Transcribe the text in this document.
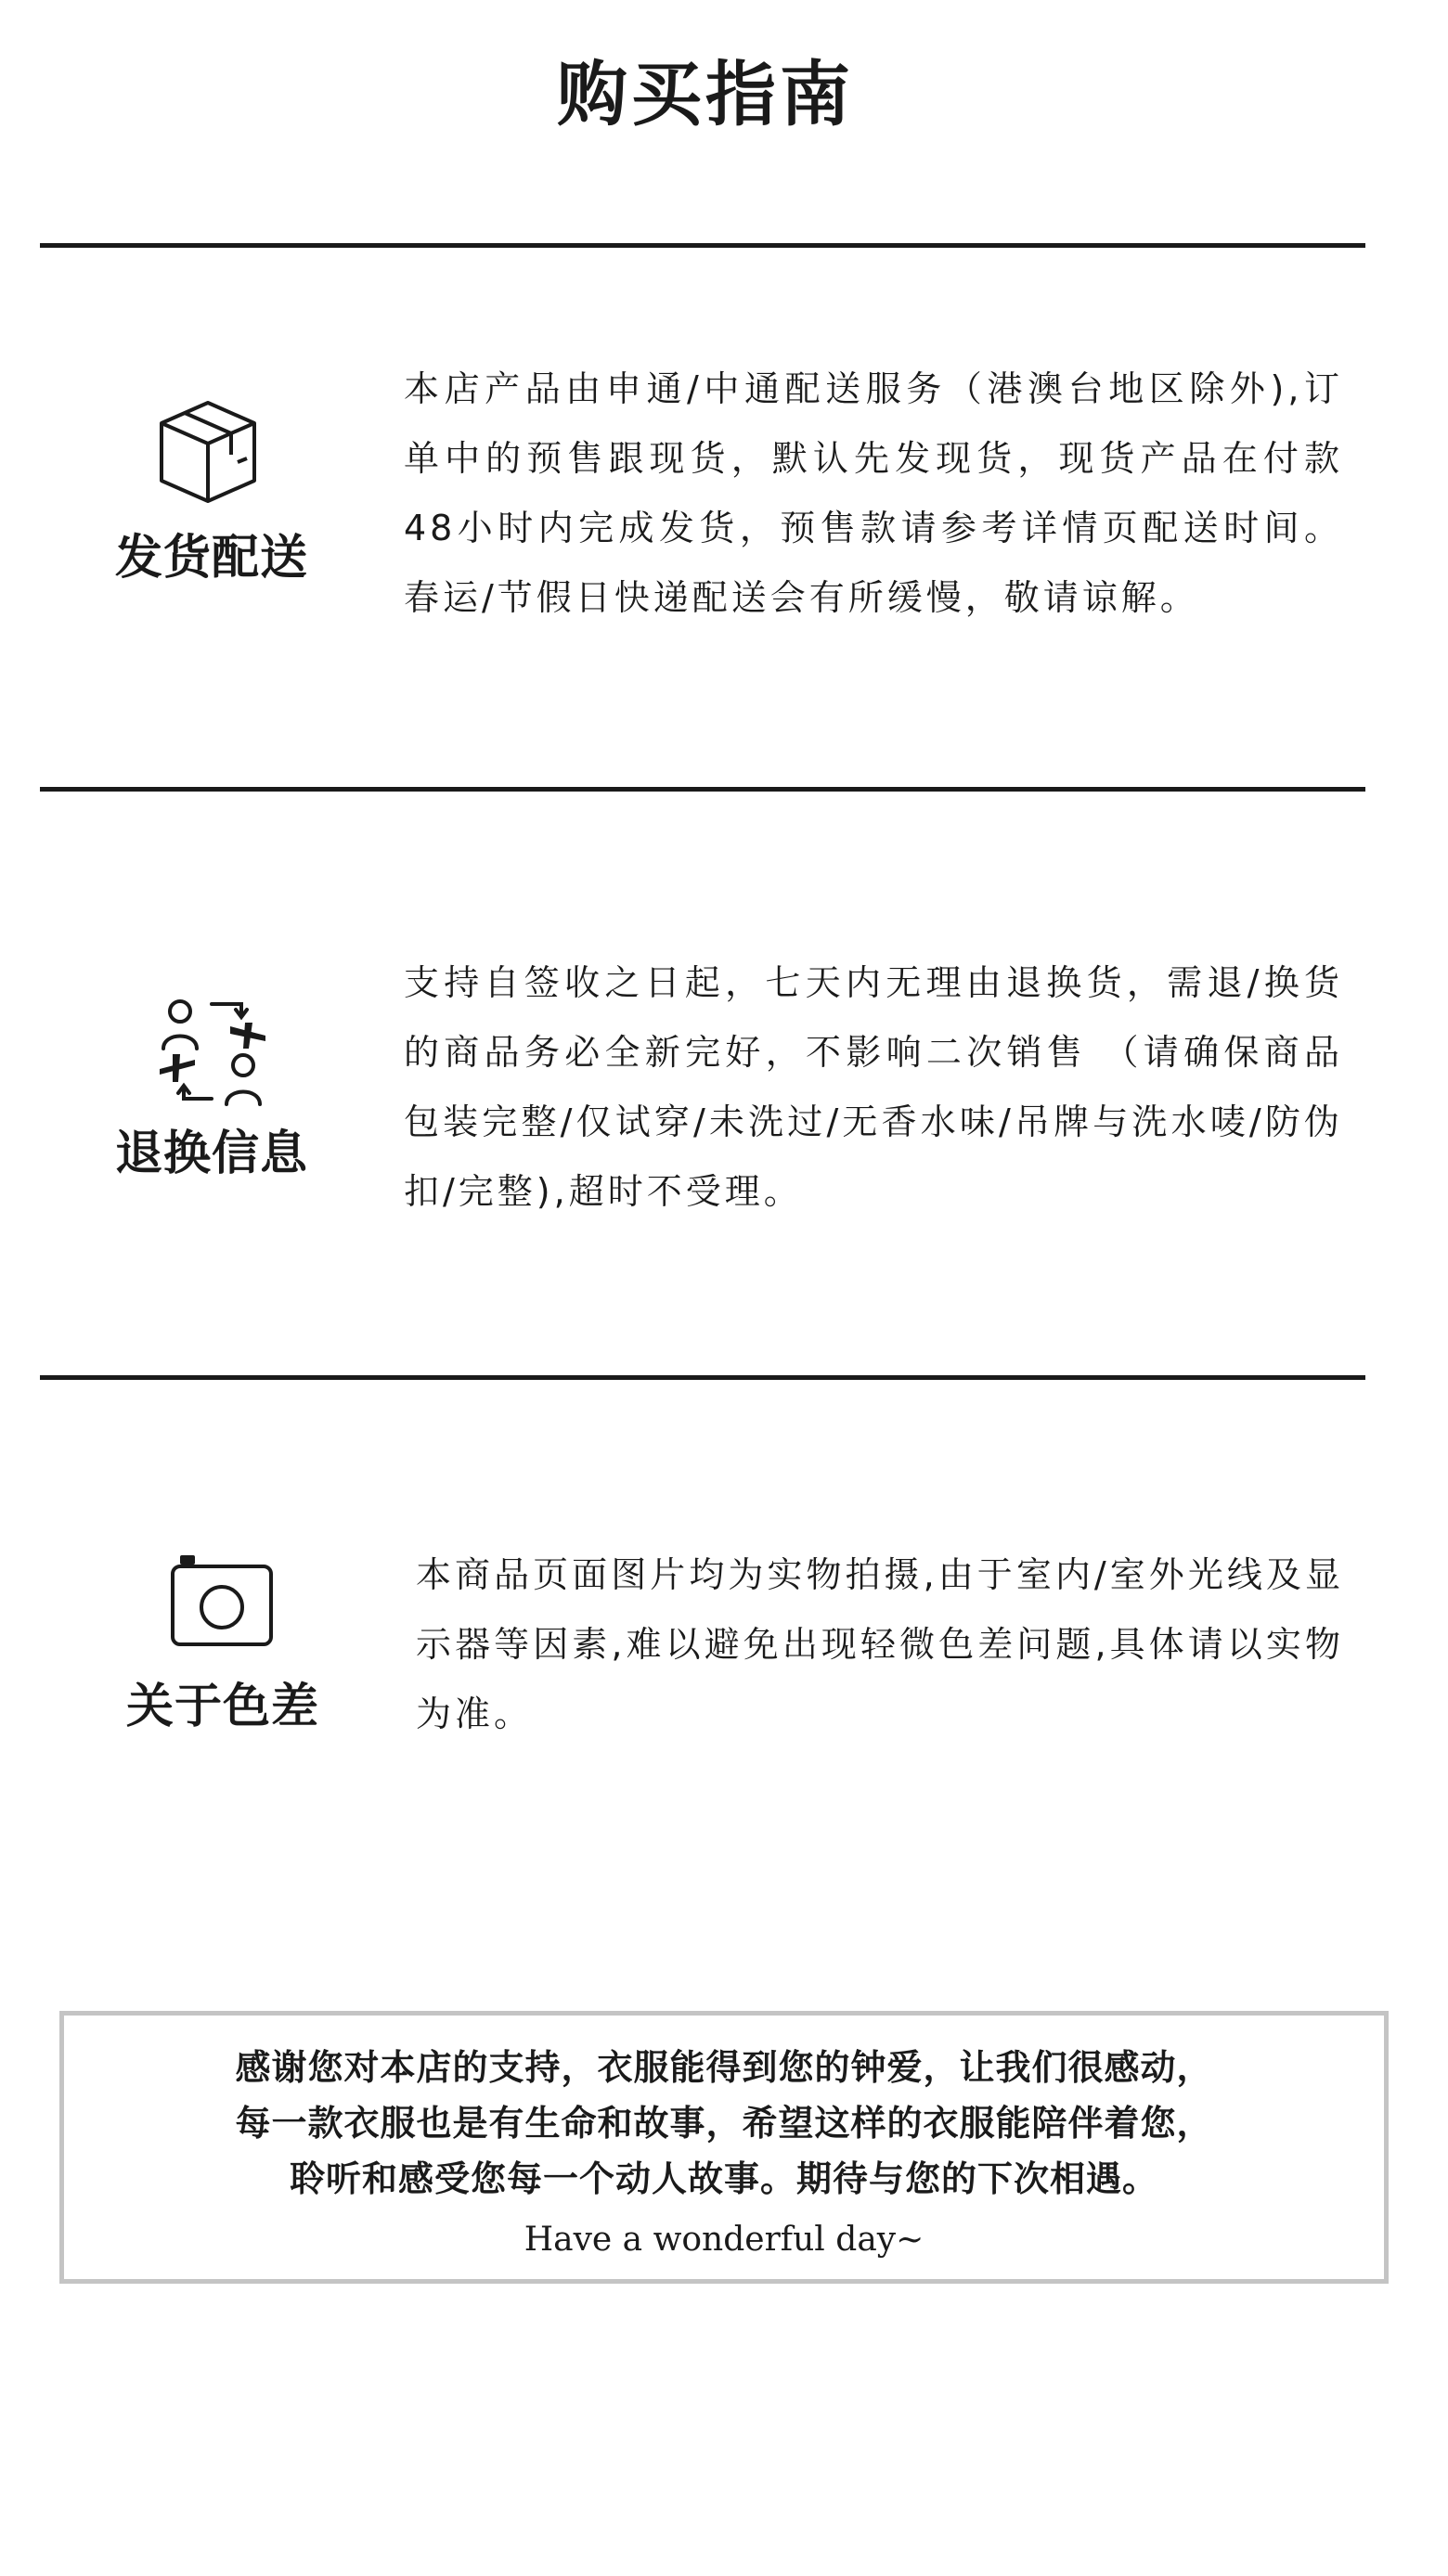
购买指南
发货配送
本店产品由申通/中通配送服务（港澳台地区除外),订单中的预售跟现货，默认先发现货，现货产品在付款48小时内完成发货，预售款请参考详情页配送时间。春运/节假日快递配送会有所缓慢，敬请谅解。
退换信息
支持自签收之日起，七天内无理由退换货，需退/换货的商品务必全新完好，不影响二次销售 （请确保商品包装完整/仅试穿/未洗过/无香水味/吊牌与洗水唛/防伪扣/完整),超时不受理。
关于色差
本商品页面图片均为实物拍摄,由于室内/室外光线及显示器等因素,难以避免出现轻微色差问题,具体请以实物为准。
感谢您对本店的支持，衣服能得到您的钟爱，让我们很感动，
每一款衣服也是有生命和故事，希望这样的衣服能陪伴着您，
聆听和感受您每一个动人故事。期待与您的下次相遇。
Have a wonderful day~
